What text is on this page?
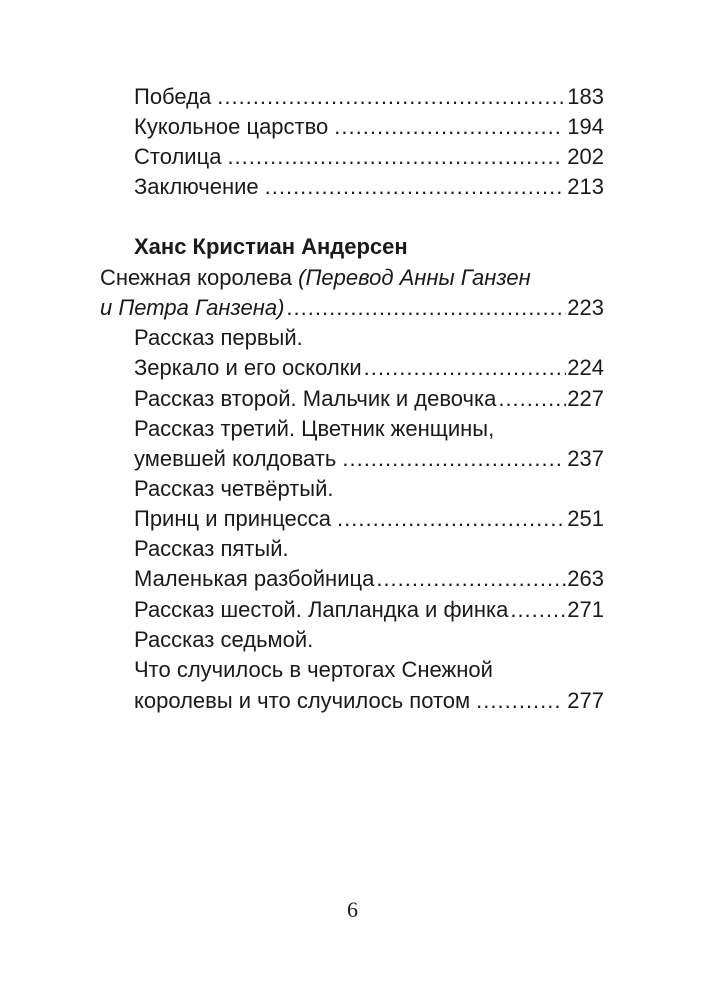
Победа .....	183
Кукольное царство .....	194
Столица .....	202
Заключение .....	213
Ханс Кристиан Андерсен
Снежная королева (Перевод Анны Ганзен
и Петра Ганзена) .....	223
Рассказ первый.
Зеркало и его осколки .....	224
Рассказ второй. Мальчик и девочка .....	227
Рассказ третий. Цветник женщины,
умевшей колдовать .....	237
Рассказ четвёртый.
Принц и принцесса .....	251
Рассказ пятый.
Маленькая разбойница .....	263
Рассказ шестой. Лапландка и финка .....	271
Рассказ седьмой.
Что случилось в чертогах Снежной
королевы и что случилось потом .....	277
6
